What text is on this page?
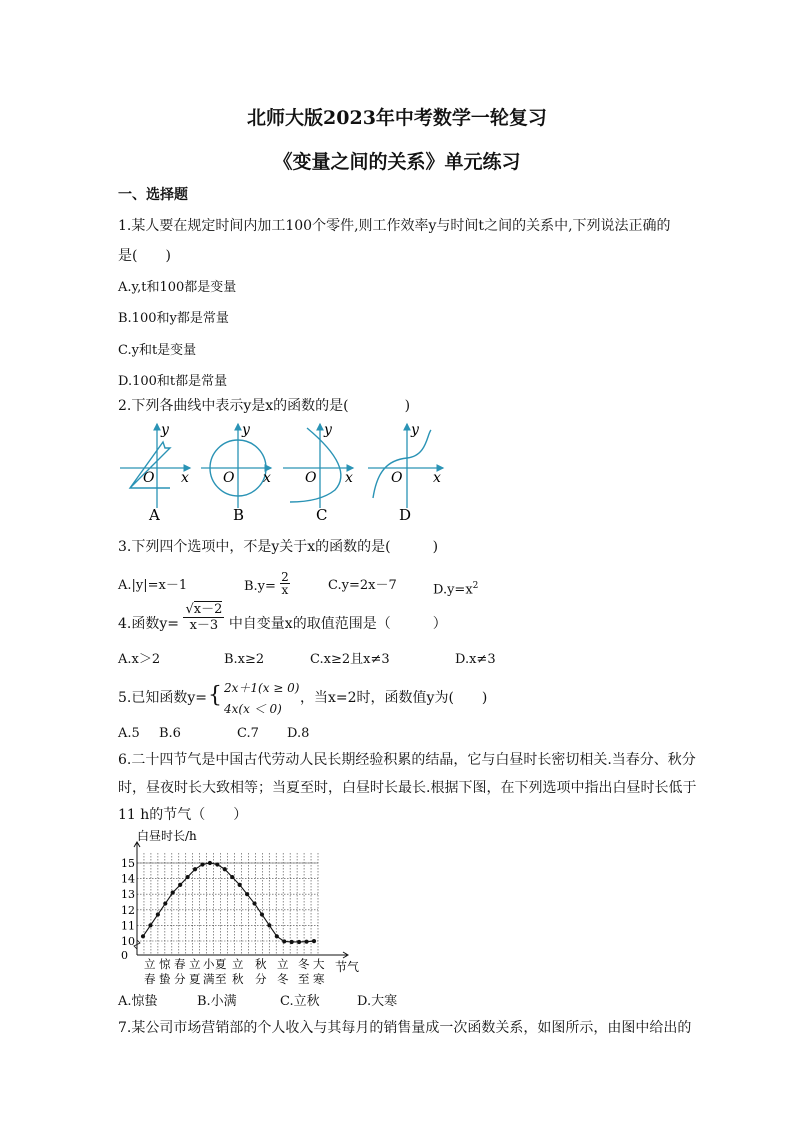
北师大版2023年中考数学一轮复习
《变量之间的关系》单元练习
一、选择题
1.某人要在规定时间内加工100个零件,则工作效率y与时间t之间的关系中,下列说法正确的
是(　　)
A.y,t和100都是变量
B.100和y都是常量
C.y和t是变量
D.100和t都是常量
2.下列各曲线中表示y是x的函数的是(　　　　)
O x
y
A
O x
y
B
O x
y
C
O x
y
D
3.下列四个选项中，不是y关于x的函数的是(　　　)
A.|y|=x－1	$B.y= \frac{2}{x}$	C.y=2x－7	$D.y=x^2$
4.函数$y= \frac{√x-2}{x-3}$ 中自变量x的取值范围是（　　　）
A.x＞2	B.x≥2	C.x≥2且x≠3	D.x≠3
5.已知函数y= { 2x＋1(x ≥ 0)
4x(x ＜ 0)
，当x=2时，函数值y为(　　)
A.5 B.6	C.7 D.8
6.二十四节气是中国古代劳动人民长期经验积累的结晶，它与白昼时长密切相关.当春分、秋分
时，昼夜时长大致相等；当夏至时，白昼时长最长.根据下图，在下列选项中指出白昼时长低于
11 h的节气（　　）
白昼时长/h
节气
0
10
11
12
13
14
15
立 惊 春 立 小 夏 立 秋 立 冬 大
春 蛰 分 夏 满 至 秋 分 冬 至 寒
A.惊蛰	B.小满	C.立秋	D.大寒
7.某公司市场营销部的个人收入与其每月的销售量成一次函数关系，如图所示，由图中给出的
